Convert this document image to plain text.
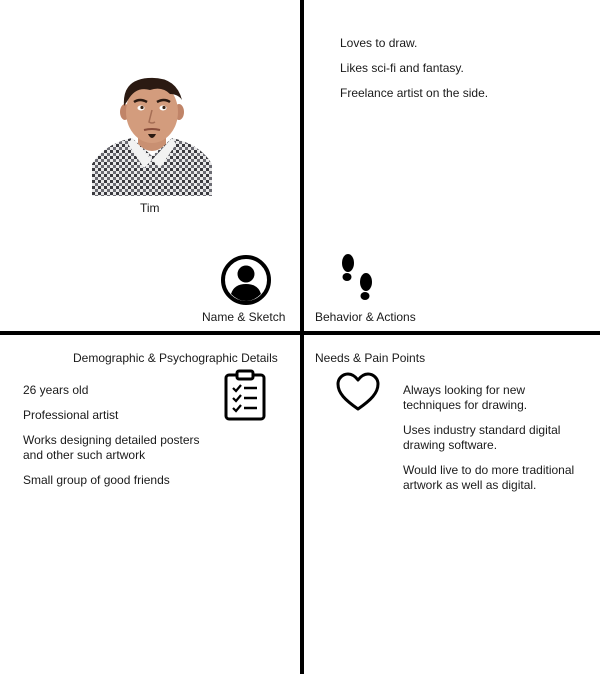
Tim
Name & Sketch
Loves to draw.
Likes sci-fi and fantasy.
Freelance artist on the side.
Behavior & Actions
Demographic & Psychographic Details
26 years old
Professional artist
Works designing detailed posters and other such artwork
Small group of good friends
Needs & Pain Points
Always looking for new techniques for drawing.
Uses industry standard digital drawing software.
Would live to do more traditional artwork as well as digital.
